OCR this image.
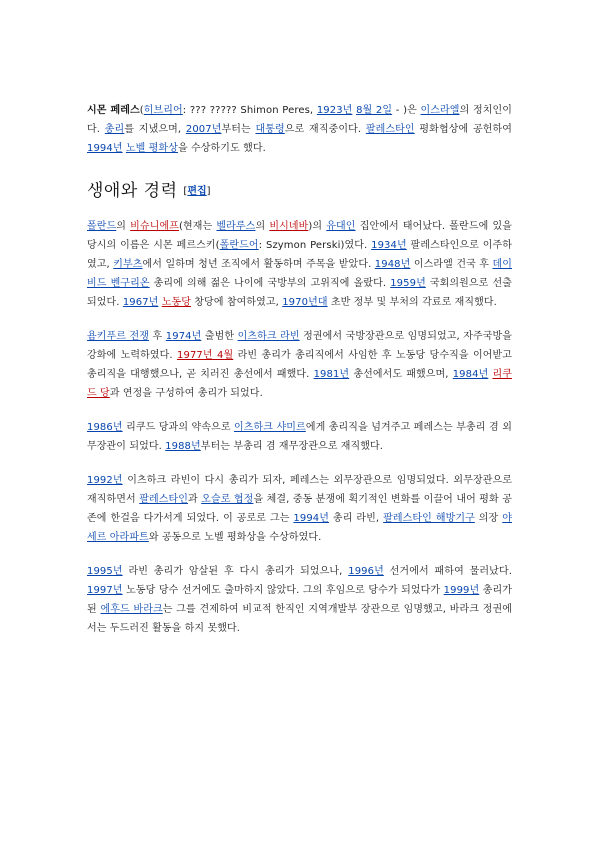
시몬 페레스(히브리어: ??? ????? Shimon Peres, 1923년 8월 2일 - )은 이스라엘의 정치인이다. 총리를 지냈으며, 2007년부터는 대통령으로 재직중이다. 팔레스타인 평화협상에 공헌하여 1994년 노벨 평화상을 수상하기도 했다.

생애와 경력 [편집]

폴란드의 비슈니에프(현재는 벨라루스의 비시녜바)의 유대인 집안에서 태어났다. 폴란드에 있을 당시의 이름은 시몬 페르스키(폴란드어: Szymon Perski)였다. 1934년 팔레스타인으로 이주하였고, 키부츠에서 일하며 청년 조직에서 활동하며 주목을 받았다. 1948년 이스라엘 건국 후 데이비드 벤구리온 총리에 의해 젊은 나이에 국방부의 고위직에 올랐다. 1959년 국회의원으로 선출되었다. 1967년 노동당 창당에 참여하였고, 1970년대 초반 정부 및 부처의 각료로 재직했다.

욤키푸르 전쟁 후 1974년 출범한 이츠하크 라빈 정권에서 국방장관으로 임명되었고, 자주국방을 강화에 노력하였다. 1977년 4월 라빈 총리가 총리직에서 사임한 후 노동당 당수직을 이어받고 총리직을 대행했으나, 곧 치러진 총선에서 패했다. 1981년 총선에서도 패했으며, 1984년 리쿠드 당과 연정을 구성하여 총리가 되었다.

1986년 리쿠드 당과의 약속으로 이츠하크 샤미르에게 총리직을 넘겨주고 페레스는 부총리 겸 외무장관이 되었다. 1988년부터는 부총리 겸 재무장관으로 재직했다.

1992년 이츠하크 라빈이 다시 총리가 되자, 페레스는 외무장관으로 임명되었다. 외무장관으로 재직하면서 팔레스타인과 오슬로 협정을 체결, 중동 분쟁에 획기적인 변화를 이끌어 내어 평화 공존에 한걸음 다가서게 되었다. 이 공로로 그는 1994년 총리 라빈, 팔레스타인 해방기구 의장 야세르 아라파트와 공동으로 노벨 평화상을 수상하였다.

1995년 라빈 총리가 암살된 후 다시 총리가 되었으나, 1996년 선거에서 패하여 물러났다. 1997년 노동당 당수 선거에도 출마하지 않았다. 그의 후임으로 당수가 되었다가 1999년 총리가 된 에후드 바라크는 그를 견제하여 비교적 한직인 지역개발부 장관으로 임명했고, 바라크 정권에서는 두드러진 활동을 하지 못했다.
